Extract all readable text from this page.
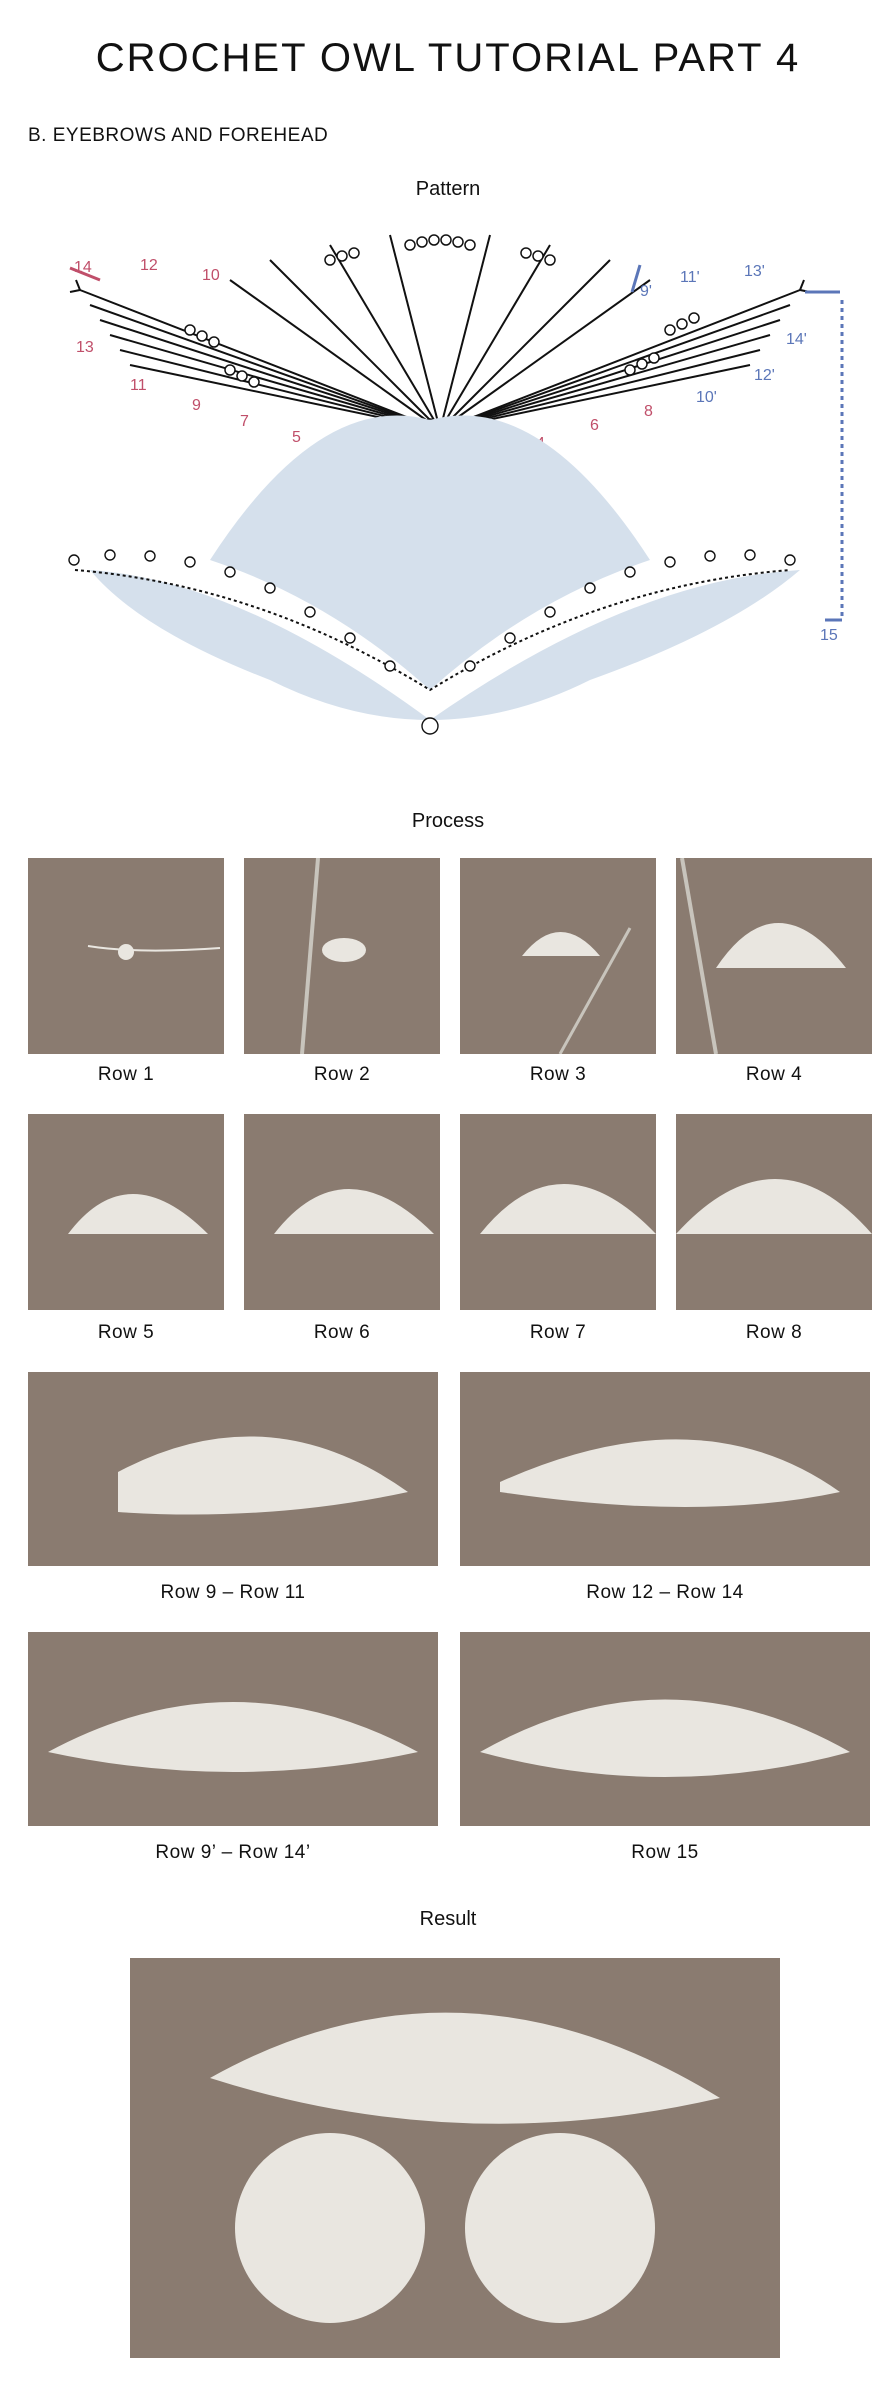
CROCHET OWL TUTORIAL PART 4
B. EYEBROWS AND FOREHEAD
Pattern
14	12
10
13
11
9
7
5
6
8
9'
11'	13'
14'
12'
10'
15
Process
Row 1	Row 2	Row 3	Row 4
Row 5	Row 6	Row 7	Row 8
Row 9 – Row 11	Row 12 – Row 14
Row 9’ – Row 14’	Row 15
Result
